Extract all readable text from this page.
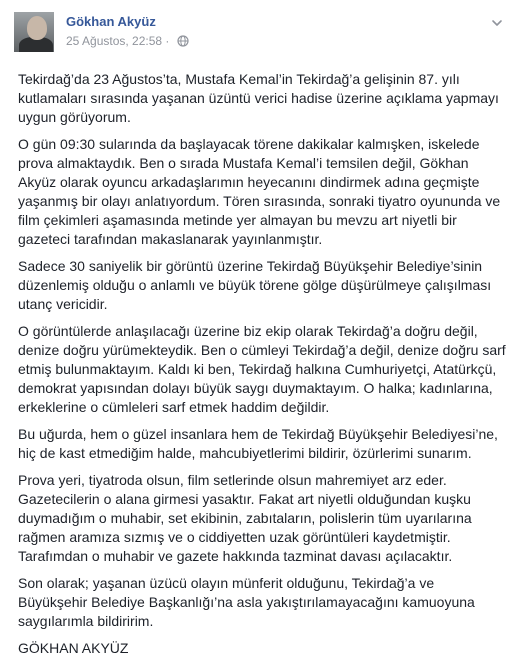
Gökhan Akyüz
25 Ağustos, 22:58 ·

Tekirdağ’da 23 Ağustos’ta, Mustafa Kemal’in Tekirdağ’a gelişinin 87. yılı kutlamaları sırasında yaşanan üzüntü verici hadise üzerine açıklama yapmayı uygun görüyorum.

O gün 09:30 sularında da başlayacak törene dakikalar kalmışken, iskelede prova almaktaydık. Ben o sırada Mustafa Kemal’i temsilen değil, Gökhan Akyüz olarak oyuncu arkadaşlarımın heyecanını dindirmek adına geçmişte yaşanmış bir olayı anlatıyordum. Tören sırasında, sonraki tiyatro oyununda ve film çekimleri aşamasında metinde yer almayan bu mevzu art niyetli bir gazeteci tarafından makaslanarak yayınlanmıştır.

Sadece 30 saniyelik bir görüntü üzerine Tekirdağ Büyükşehir Belediye’sinin düzenlemiş olduğu o anlamlı ve büyük törene gölge düşürülmeye çalışılması utanç vericidir.

O görüntülerde anlaşılacağı üzerine biz ekip olarak Tekirdağ’a doğru değil, denize doğru yürümekteydik. Ben o cümleyi Tekirdağ’a değil, denize doğru sarf etmiş bulunmaktayım. Kaldı ki ben, Tekirdağ halkına Cumhuriyetçi, Atatürkçü, demokrat yapısından dolayı büyük saygı duymaktayım. O halka; kadınlarına, erkeklerine o cümleleri sarf etmek haddim değildir.

Bu uğurda, hem o güzel insanlara hem de Tekirdağ Büyükşehir Belediyesi’ne, hiç de kast etmediğim halde, mahcubiyetlerimi bildirir, özürlerimi sunarım.

Prova yeri, tiyatroda olsun, film setlerinde olsun mahremiyet arz eder. Gazetecilerin o alana girmesi yasaktır. Fakat art niyetli olduğundan kuşku duymadığım o muhabir, set ekibinin, zabıtaların, polislerin tüm uyarılarına rağmen aramıza sızmış ve o ciddiyetten uzak görüntüleri kaydetmiştir. Tarafımdan o muhabir ve gazete hakkında tazminat davası açılacaktır.

Son olarak; yaşanan üzücü olayın münferit olduğunu, Tekirdağ’a ve Büyükşehir Belediye Başkanlığı’na asla yakıştırılamayacağını kamuoyuna saygılarımla bildiririm.

GÖKHAN AKYÜZ
